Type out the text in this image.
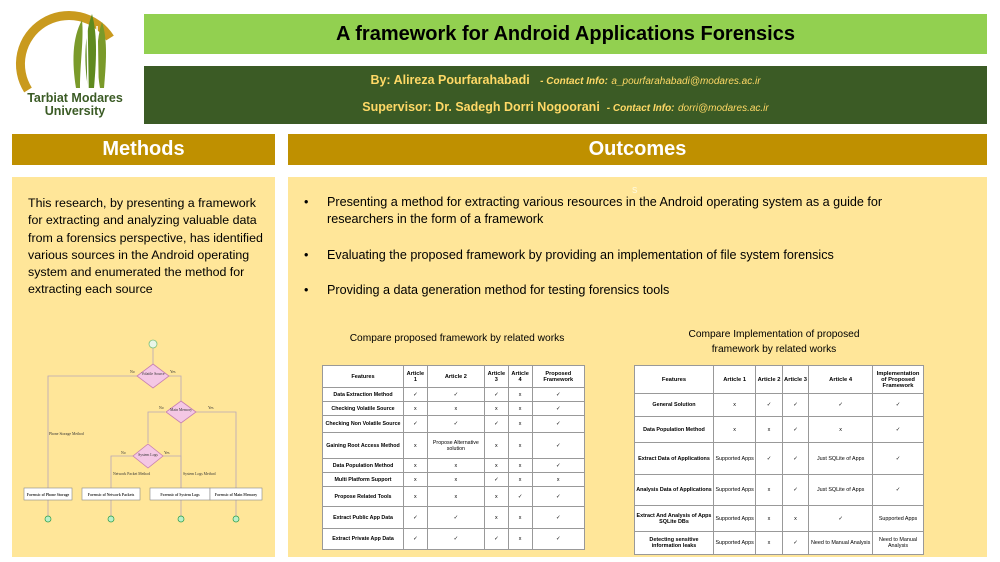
Tarbiat Modares University
A framework for Android Applications Forensics
By: Alireza Pourfarahabadi - Contact Info: a_pourfarahabadi@modares.ac.ir
Supervisor: Dr. Sadegh Dorri Nogoorani - Contact Info: dorri@modares.ac.ir
Methods	Outcomes
This research, by presenting a framework for extracting and analyzing valuable data from a forensics perspective, has identified various sources in the Android operating system and enumerated the method for extracting each source
Volatile Source
No	Yes
Main Memory
No	Yes
System Logs
No	Yes
Phone Storage Method
Network Packet Method	System Logs Method
Forensic of Phone Storage	Forensic of Network Packets	Forensic of System Logs	Forensic of Main Memory
s
• Presenting a method for extracting various resources in the Android operating system as a guide for researchers in the form of a framework
• Evaluating the proposed framework by providing an implementation of file system forensics
• Providing a data generation method for testing forensics tools
Compare proposed framework by related works	Compare Implementation of proposed framework by related works
Features	Article 1	Article 2	Article 3	Article 4	Proposed Framework
Data Extraction Method	✓	✓	✓	x	✓
Checking Volatile Source	x	x	x	x	✓
Checking Non Volatile Source	✓	✓	✓	x	✓
Gaining Root Access Method	x	Propose Alternative solution	x	x	✓
Data Population Method	x	x	x	x	✓
Multi Platform Support	x	x	✓	x	x
Propose Related Tools	x	x	x	✓	✓
Extract Public App Data	✓	✓	x	x	✓
Extract Private App Data	✓	✓	✓	x	✓
Features	Article 1	Article 2	Article 3	Article 4	Implementation of Proposed Framework
General Solution	x	✓	✓	✓	✓
Data Population Method	x	x	✓	x	✓
Extract Data of Applications	Supported Apps	✓	✓	Just SQLite of Apps	✓
Analysis Data of Applications	Supported Apps	x	✓	Just SQLite of Apps	✓
Extract And Analysis of Apps SQLite DBs	Supported Apps	x	x	✓	Supported Apps
Detecting sensitive information leaks	Supported Apps	x	✓	Need to Manual Analysis	Need to Manual Analysis
